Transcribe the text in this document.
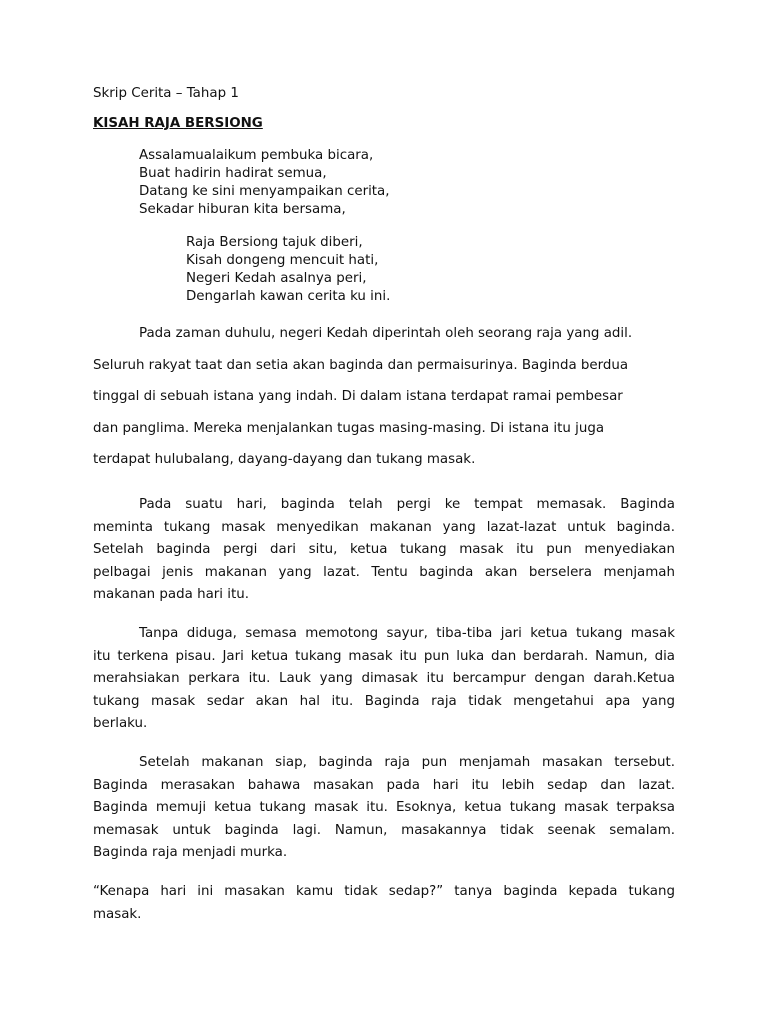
Skrip Cerita – Tahap 1
KISAH RAJA BERSIONG
Assalamualaikum pembuka bicara,
Buat hadirin hadirat semua,
Datang ke sini menyampaikan cerita,
Sekadar hiburan kita bersama,
Raja Bersiong tajuk diberi,
Kisah dongeng mencuit hati,
Negeri Kedah asalnya peri,
Dengarlah kawan cerita ku ini.
Pada zaman duhulu, negeri Kedah diperintah oleh seorang raja yang adil.
Seluruh rakyat taat dan setia akan baginda dan permaisurinya. Baginda berdua
tinggal di sebuah istana yang indah. Di dalam istana terdapat ramai pembesar
dan panglima. Mereka menjalankan tugas masing-masing. Di istana itu juga
terdapat hulubalang, dayang-dayang dan tukang masak.
Pada suatu hari, baginda telah pergi ke tempat memasak. Baginda
meminta tukang masak menyedikan makanan yang lazat-lazat untuk baginda.
Setelah baginda pergi dari situ, ketua tukang masak itu pun menyediakan
pelbagai jenis makanan yang lazat. Tentu baginda akan berselera menjamah
makanan pada hari itu.
Tanpa diduga, semasa memotong sayur, tiba-tiba jari ketua tukang masak
itu terkena pisau. Jari ketua tukang masak itu pun luka dan berdarah. Namun, dia
merahsiakan perkara itu. Lauk yang dimasak itu bercampur dengan darah.Ketua
tukang masak sedar akan hal itu. Baginda raja tidak mengetahui apa yang
berlaku.
Setelah makanan siap, baginda raja pun menjamah masakan tersebut.
Baginda merasakan bahawa masakan pada hari itu lebih sedap dan lazat.
Baginda memuji ketua tukang masak itu. Esoknya, ketua tukang masak terpaksa
memasak untuk baginda lagi. Namun, masakannya tidak seenak semalam.
Baginda raja menjadi murka.
“Kenapa hari ini masakan kamu tidak sedap?” tanya baginda kepada tukang
masak.
